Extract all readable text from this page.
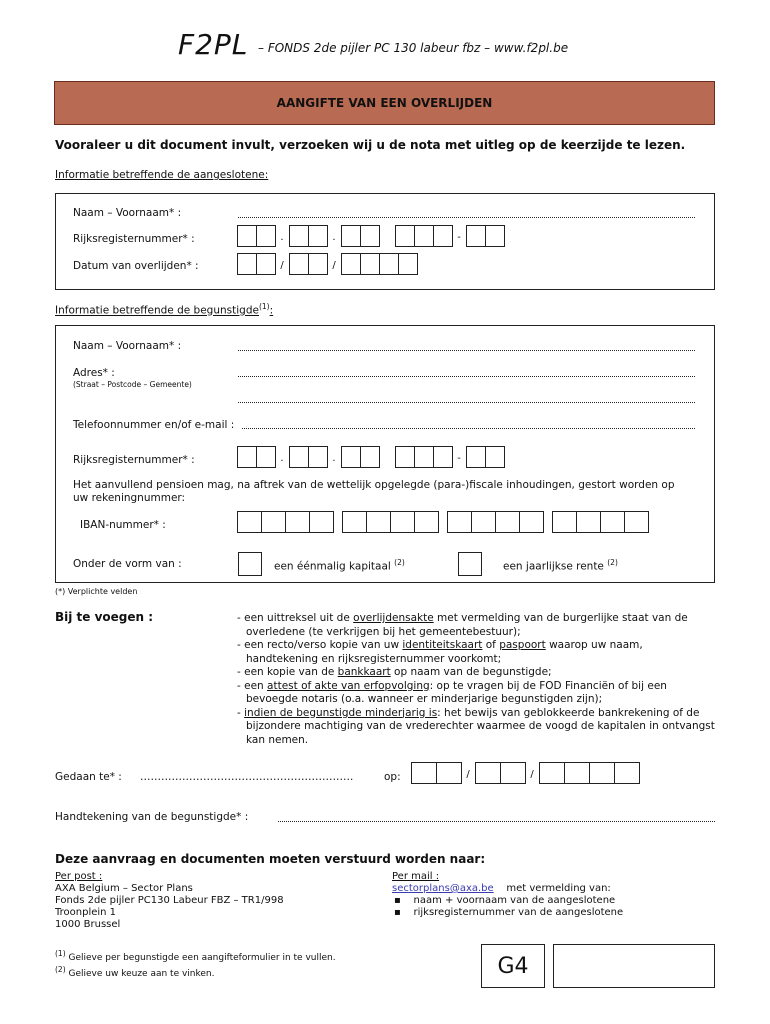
F2PL – FONDS 2de pijler PC 130 labeur fbz – www.f2pl.be
AANGIFTE VAN EEN OVERLIJDEN
Vooraleer u dit document invult, verzoeken wij u de nota met uitleg op de keerzijde te lezen.
Informatie betreffende de aangeslotene:
Naam – Voornaam* :
Rijksregisternummer* :	.	.	-
Datum van overlijden* :	/	/
Informatie betreffende de begunstigde$^{(1)}$:
Naam – Voornaam* :
Adres* :
(Straat – Postcode – Gemeente)
Telefoonnummer en/of e-mail :
Rijksregisternummer* :	.	.	-
Het aanvullend pensioen mag, na aftrek van de wettelijk opgelegde (para-)fiscale inhoudingen, gestort worden op uw rekeningnummer:
IBAN-nummer* :
Onder de vorm van :	een éénmalig kapitaal $^{(2)}$	een jaarlijkse rente $^{(2)}$
(*) Verplichte velden
Bij te voegen :	- een uittreksel uit de overlijdensakte met vermelding van de burgerlijke staat van de overledene (te verkrijgen bij het gemeentebestuur);
- een recto/verso kopie van uw identiteitskaart of paspoort waarop uw naam, handtekening en rijksregisternummer voorkomt;
- een kopie van de bankkaart op naam van de begunstigde;
- een attest of akte van erfopvolging: op te vragen bij de FOD Financiën of bij een bevoegde notaris (o.a. wanneer er minderjarige begunstigden zijn);
- indien de begunstigde minderjarig is: het bewijs van geblokkeerde bankrekening of de bijzondere machtiging van de vrederechter waarmee de voogd de kapitalen in ontvangst kan nemen.
Gedaan te* : …………………………………………………….	op:	/	/
Handtekening van de begunstigde* :
Deze aanvraag en documenten moeten verstuurd worden naar:
Per post :
AXA Belgium – Sector Plans
Fonds 2de pijler PC130 Labeur FBZ – TR1/998
Troonplein 1
1000 Brussel
Per mail :
sectorplans@axa.be met vermelding van:
▪ naam + voornaam van de aangeslotene
▪ rijksregisternummer van de aangeslotene
$^{(1)}$ Gelieve per begunstigde een aangifteformulier in te vullen.
$^{(2)}$ Gelieve uw keuze aan te vinken.	G4
